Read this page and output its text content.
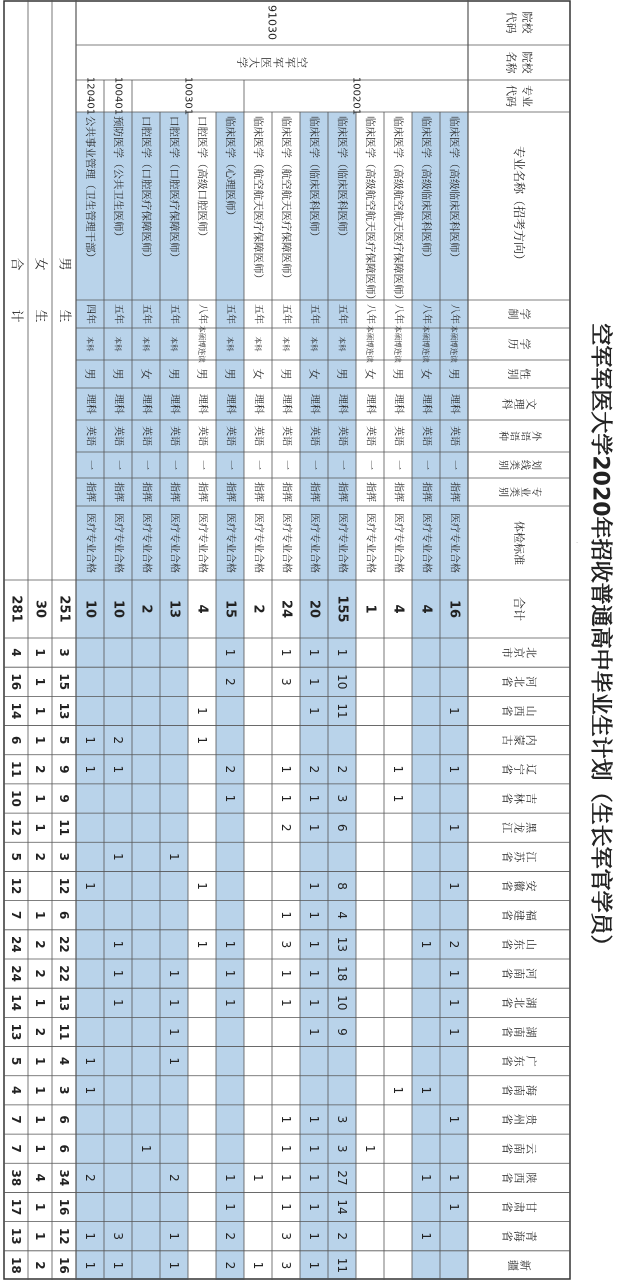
空军军医大学2020年招收普通高中毕业生计划（生长军官学员）
院校
代码
院校
名称
专业
代码
专业名称（招考方向）
学
制
学
历
性
别
文
理
科
外
语
语
种
划
线
类
别
专
业
类
别
体检标准
合计
北
京
市
河
北
省
山
西
省
内
蒙
古
辽
宁
省
吉
林
省
黑
龙
江
江
苏
省
安
徽
省
福
建
省
山
东
省
河
南
省
湖
北
省
湖
南
省
广
东
省
海
南
省
贵
州
省
云
南
省
陕
西
省
甘
肃
省
青
海
省
新
疆
91030
空
军
军
医
大
学
100201
100301
100401
120401
临床医学（高级临床医科医师）
八年
本硕博连读
男
理科
英语
一
指挥
医疗专业合格
16
1
1
1
1
2
1
1
1
1
1
1
临床医学（高级临床医科医师）
八年
本硕博连读
女
理科
英语
一
指挥
医疗专业合格
4
1
1
1
1
临床医学（高级航空航天医疗保障医师）
八年
本硕博连读
男
理科
英语
一
指挥
医疗专业合格
4
1
1
1
临床医学（高级航空航天医疗保障医师）
八年
本硕博连读
女
理科
英语
一
指挥
医疗专业合格
1
1
临床医学（临床医科医师）
五年
本科
男
理科
英语
一
指挥
医疗专业合格
155
1
10
11
2
3
6
8
4
13
18
10
9
3
3
27
14
2
11
临床医学（临床医科医师）
五年
本科
女
理科
英语
一
指挥
医疗专业合格
20
1
1
1
2
1
1
1
1
1
1
1
1
1
1
1
1
1
1
临床医学（航空航天医疗保障医师）
五年
本科
男
理科
英语
一
指挥
医疗专业合格
24
1
3
1
1
2
1
3
1
1
1
1
1
1
3
3
临床医学（航空航天医疗保障医师）
五年
本科
女
理科
英语
一
指挥
医疗专业合格
2
1
1
临床医学（心理医师）
五年
本科
男
理科
英语
一
指挥
医疗专业合格
15
1
2
2
1
1
1
1
1
1
2
2
口腔医学（高级口腔医师）
八年
本硕博连读
男
理科
英语
一
指挥
医疗专业合格
4
1
1
1
1
口腔医学（口腔医疗保障医师）
五年
本科
男
理科
英语
一
指挥
医疗专业合格
13
1
1
1
1
1
2
1
1
口腔医学（口腔医疗保障医师）
五年
本科
女
理科
英语
一
指挥
医疗专业合格
2
1
预防医学（公共卫生医师）
五年
本科
男
理科
英语
一
指挥
医疗专业合格
10
2
1
1
1
1
1
3
1
公共事业管理（卫生管理干部）
四年
本科
男
理科
英语
一
指挥
医疗专业合格
10
1
1
1
1
1
2
1
1
男　　　生
251
3
15
13
5
9
9
11
3
12
6
22
22
13
11
4
3
6
6
34
16
12
16
女　　　生
30
1
1
1
1
2
1
1
2
1
2
2
1
2
1
1
1
1
4
1
1
2
合　　　计
281
4
16
14
6
11
10
12
5
12
7
24
24
14
13
5
4
7
7
38
17
13
18
类
